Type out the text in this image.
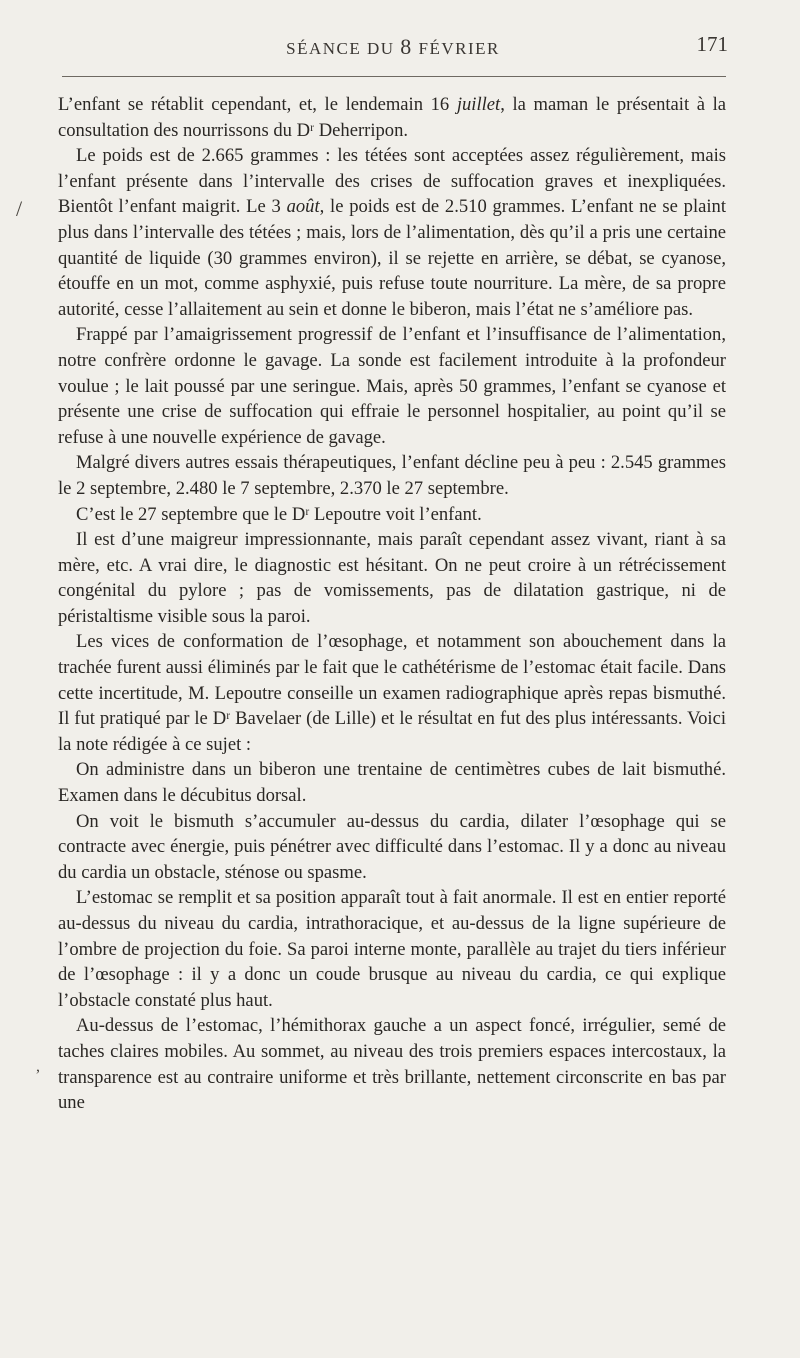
SÉANCE DU 8 FÉVRIER	171
/
,

L’enfant se rétablit cependant, et, le lendemain 16 juillet, la maman le présentait à la consultation des nourrissons du Dʳ Deherripon.

Le poids est de 2.665 grammes : les tétées sont acceptées assez régulièrement, mais l’enfant présente dans l’intervalle des crises de suffocation graves et inexpliquées. Bientôt l’enfant maigrit. Le 3 août, le poids est de 2.510 grammes. L’enfant ne se plaint plus dans l’intervalle des tétées ; mais, lors de l’alimentation, dès qu’il a pris une certaine quantité de liquide (30 grammes environ), il se rejette en arrière, se débat, se cyanose, étouffe en un mot, comme asphyxié, puis refuse toute nourriture. La mère, de sa propre autorité, cesse l’allaitement au sein et donne le biberon, mais l’état ne s’améliore pas.

Frappé par l’amaigrissement progressif de l’enfant et l’insuffisance de l’alimentation, notre confrère ordonne le gavage. La sonde est facilement introduite à la profondeur voulue ; le lait poussé par une seringue. Mais, après 50 grammes, l’enfant se cyanose et présente une crise de suffocation qui effraie le personnel hospitalier, au point qu’il se refuse à une nouvelle expérience de gavage.

Malgré divers autres essais thérapeutiques, l’enfant décline peu à peu : 2.545 grammes le 2 septembre, 2.480 le 7 septembre, 2.370 le 27 septembre.

C’est le 27 septembre que le Dʳ Lepoutre voit l’enfant.

Il est d’une maigreur impressionnante, mais paraît cependant assez vivant, riant à sa mère, etc. A vrai dire, le diagnostic est hésitant. On ne peut croire à un rétrécissement congénital du pylore ; pas de vomissements, pas de dilatation gastrique, ni de péristaltisme visible sous la paroi.

Les vices de conformation de l’œsophage, et notamment son abouchement dans la trachée furent aussi éliminés par le fait que le cathétérisme de l’estomac était facile. Dans cette incertitude, M. Lepoutre conseille un examen radiographique après repas bismuthé. Il fut pratiqué par le Dʳ Bavelaer (de Lille) et le résultat en fut des plus intéressants. Voici la note rédigée à ce sujet :

On administre dans un biberon une trentaine de centimètres cubes de lait bismuthé. Examen dans le décubitus dorsal.

On voit le bismuth s’accumuler au-dessus du cardia, dilater l’œsophage qui se contracte avec énergie, puis pénétrer avec difficulté dans l’estomac. Il y a donc au niveau du cardia un obstacle, sténose ou spasme.

L’estomac se remplit et sa position apparaît tout à fait anormale. Il est en entier reporté au-dessus du niveau du cardia, intrathoracique, et au-dessus de la ligne supérieure de l’ombre de projection du foie. Sa paroi interne monte, parallèle au trajet du tiers inférieur de l’œsophage : il y a donc un coude brusque au niveau du cardia, ce qui explique l’obstacle constaté plus haut.

Au-dessus de l’estomac, l’hémithorax gauche a un aspect foncé, irrégulier, semé de taches claires mobiles. Au sommet, au niveau des trois premiers espaces intercostaux, la transparence est au contraire uniforme et très brillante, nettement circonscrite en bas par une
